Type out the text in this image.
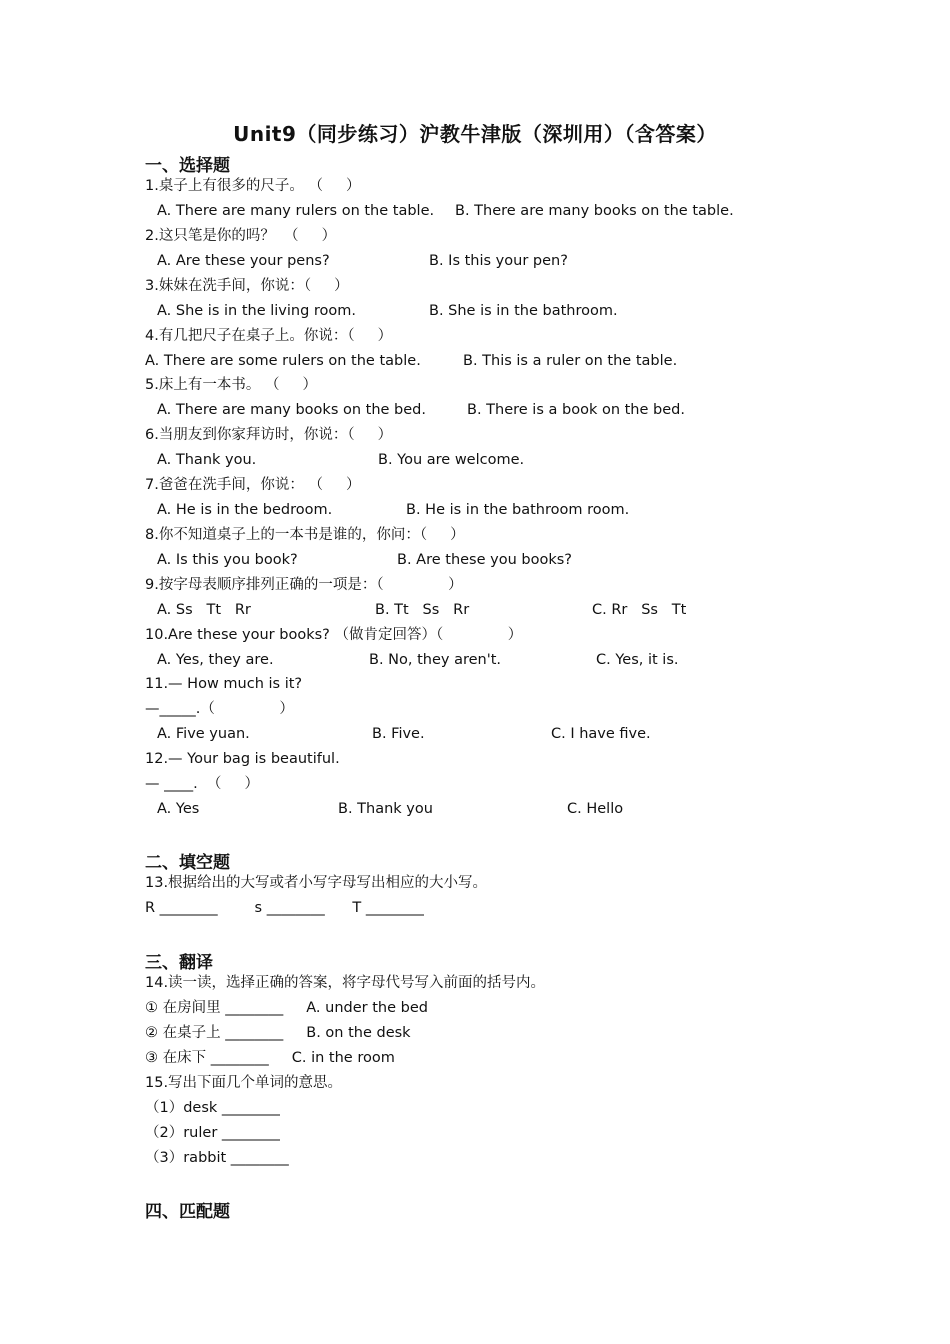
Unit9（同步练习）沪教牛津版（深圳用）（含答案）
一、选择题
1.桌子上有很多的尺子。 （     ）
A. There are many rulers on the table. B. There are many books on the table.
2.这只笔是你的吗？  （     ）
A. Are these your pens?	B. Is this your pen?
3.妹妹在洗手间，你说：（     ）
A. She is in the living room.	B. She is in the bathroom.
4.有几把尺子在桌子上。你说：（     ）
A. There are some rulers on the table.	B. This is a ruler on the table.
5.床上有一本书。 （     ）
A. There are many books on the bed.	B. There is a book on the bed.
6.当朋友到你家拜访时，你说：（     ）
A. Thank you.	B. You are welcome.
7.爸爸在洗手间，你说： （     ）
A. He is in the bedroom.	B. He is in the bathroom room.
8.你不知道桌子上的一本书是谁的，你问：（     ）
A. Is this you book?	B. Are these you books?
9.按字母表顺序排列正确的一项是：（              ）
A. Ss   Tt   Rr	B. Tt   Ss   Rr	C. Rr   Ss   Tt
10.Are these your books? （做肯定回答）（              ）
A. Yes, they are.	B. No, they aren't.	C. Yes, it is.
11.— How much is it?
—_____.（              ）
A. Five yuan.	B. Five.	C. I have five.
12.— Your bag is beautiful.
— ____.  （     ）
A. Yes	B. Thank you	C. Hello
二、填空题
13.根据给出的大写或者小写字母写出相应的大小写。
R ________        s ________      T ________
三、翻译
14.读一读，选择正确的答案，将字母代号写入前面的括号内。
① 在房间里 ________     A. under the bed
② 在桌子上 ________     B. on the desk
③ 在床下 ________     C. in the room
15.写出下面几个单词的意思。
（1）desk ________
（2）ruler ________
（3）rabbit ________
四、匹配题
